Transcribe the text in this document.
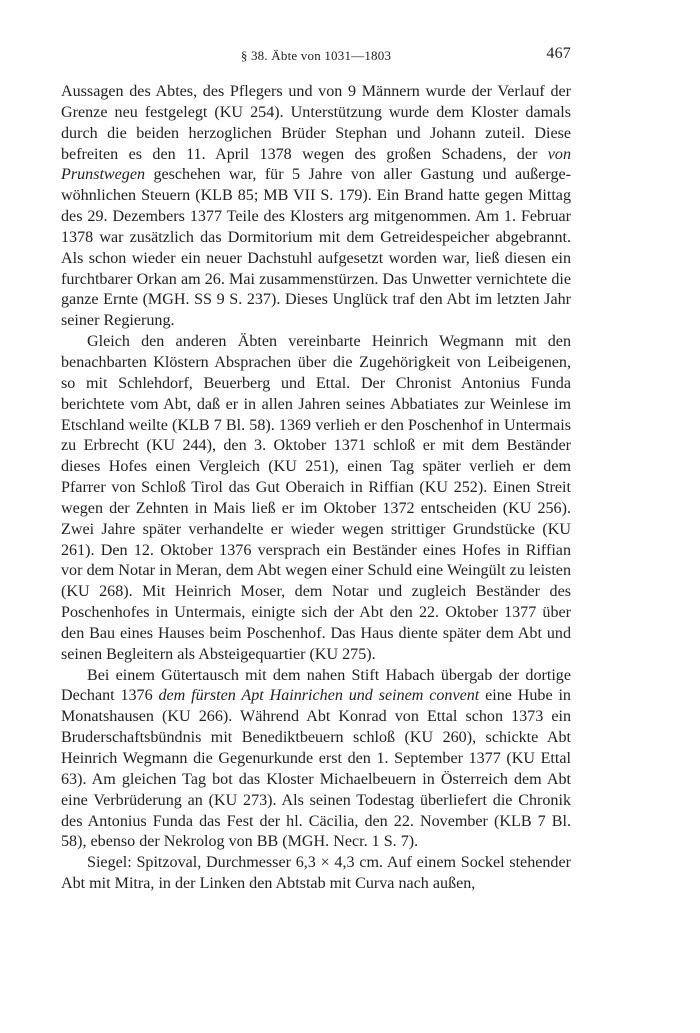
§ 38. Äbte von 1031—1803	467

Aussagen des Abtes, des Pflegers und von 9 Männern wurde der Verlauf der Grenze neu festgelegt (KU 254). Unterstützung wurde dem Kloster damals durch die beiden herzoglichen Brüder Stephan und Johann zuteil. Diese befreiten es den 11. April 1378 wegen des großen Schadens, der von Prunstwegen geschehen war, für 5 Jahre von aller Gastung und außergewöhnlichen Steuern (KLB 85; MB VII S. 179). Ein Brand hatte gegen Mittag des 29. Dezembers 1377 Teile des Klosters arg mitgenommen. Am 1. Februar 1378 war zusätzlich das Dormitorium mit dem Getreidespeicher abgebrannt. Als schon wieder ein neuer Dachstuhl aufgesetzt worden war, ließ diesen ein furchtbarer Orkan am 26. Mai zusammenstürzen. Das Unwetter vernichtete die ganze Ernte (MGH. SS 9 S. 237). Dieses Unglück traf den Abt im letzten Jahr seiner Regierung.

Gleich den anderen Äbten vereinbarte Heinrich Wegmann mit den benachbarten Klöstern Absprachen über die Zugehörigkeit von Leibeigenen, so mit Schlehdorf, Beuerberg und Ettal. Der Chronist Antonius Funda berichtete vom Abt, daß er in allen Jahren seines Abbatiates zur Weinlese im Etschland weilte (KLB 7 Bl. 58). 1369 verlieh er den Poschenhof in Untermais zu Erbrecht (KU 244), den 3. Oktober 1371 schloß er mit dem Beständer dieses Hofes einen Vergleich (KU 251), einen Tag später verlieh er dem Pfarrer von Schloß Tirol das Gut Oberaich in Riffian (KU 252). Einen Streit wegen der Zehnten in Mais ließ er im Oktober 1372 entscheiden (KU 256). Zwei Jahre später verhandelte er wieder wegen strittiger Grundstücke (KU 261). Den 12. Oktober 1376 versprach ein Beständer eines Hofes in Riffian vor dem Notar in Meran, dem Abt wegen einer Schuld eine Weingült zu leisten (KU 268). Mit Heinrich Moser, dem Notar und zugleich Beständer des Poschenhofes in Untermais, einigte sich der Abt den 22. Oktober 1377 über den Bau eines Hauses beim Poschenhof. Das Haus diente später dem Abt und seinen Begleitern als Absteigequartier (KU 275).

Bei einem Gütertausch mit dem nahen Stift Habach übergab der dortige Dechant 1376 dem fürsten Apt Hainrichen und seinem convent eine Hube in Monatshausen (KU 266). Während Abt Konrad von Ettal schon 1373 ein Bruderschaftsbündnis mit Benediktbeuern schloß (KU 260), schickte Abt Heinrich Wegmann die Gegenurkunde erst den 1. September 1377 (KU Ettal 63). Am gleichen Tag bot das Kloster Michaelbeuern in Österreich dem Abt eine Verbrüderung an (KU 273). Als seinen Todestag überliefert die Chronik des Antonius Funda das Fest der hl. Cäcilia, den 22. November (KLB 7 Bl. 58), ebenso der Nekrolog von BB (MGH. Necr. 1 S. 7).

Siegel: Spitzoval, Durchmesser 6,3 × 4,3 cm. Auf einem Sockel stehender Abt mit Mitra, in der Linken den Abtstab mit Curva nach außen,
